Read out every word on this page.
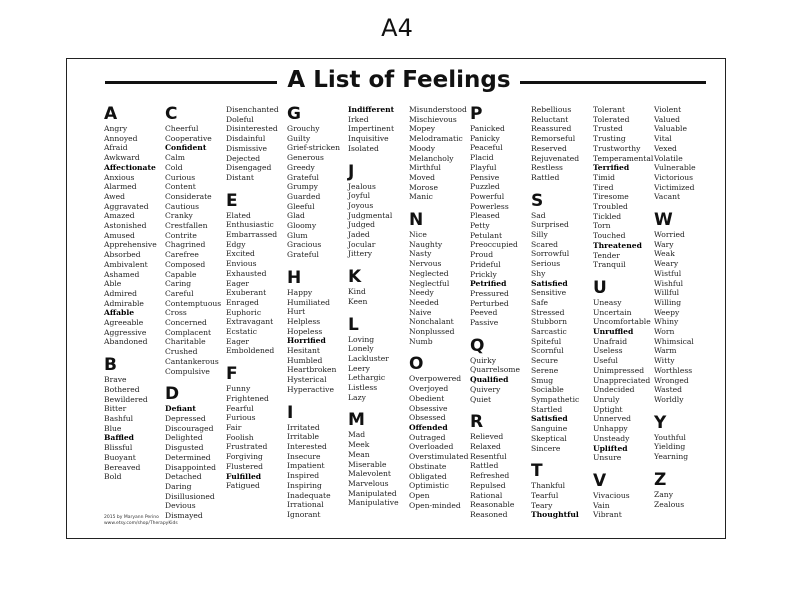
A4
A List of Feelings
A
Angry
Annoyed
Afraid
Awkward
Affectionate
Anxious
Alarmed
Awed
Aggravated
Amazed
Astonished
Amused
Apprehensive
Absorbed
Ambivalent
Ashamed
Able
Admired
Admirable
Affable
Agreeable
Aggressive
Abandoned
B
Brave
Bothered
Bewildered
Bitter
Bashful
Blue
Baffled
Blissful
Buoyant
Bereaved
Bold
C
Cheerful
Cooperative
Confident
Calm
Cold
Curious
Content
Considerate
Cautious
Cranky
Crestfallen
Contrite
Chagrined
Carefree
Composed
Capable
Caring
Careful
Contemptuous
Cross
Concerned
Complacent
Charitable
Crushed
Cantankerous
Compulsive
D
Defiant
Depressed
Discouraged
Delighted
Disgusted
Determined
Disappointed
Detached
Daring
Disillusioned
Devious
Dismayed
Disenchanted
Doleful
Disinterested
Disdainful
Dismissive
Dejected
Disengaged
Distant
E
Elated
Enthusiastic
Embarrassed
Edgy
Excited
Envious
Exhausted
Eager
Exuberant
Enraged
Euphoric
Extravagant
Ecstatic
Eager
Emboldened
F
Funny
Frightened
Fearful
Furious
Fair
Foolish
Frustrated
Forgiving
Flustered
Fulfilled
Fatigued
G
Grouchy
Guilty
Grief-stricken
Generous
Greedy
Grateful
Grumpy
Guarded
Gleeful
Glad
Gloomy
Glum
Gracious
Grateful
H
Happy
Humiliated
Hurt
Helpless
Hopeless
Horrified
Hesitant
Humbled
Heartbroken
Hysterical
Hyperactive
I
Irritated
Irritable
Interested
Insecure
Impatient
Inspired
Inspiring
Inadequate
Irrational
Ignorant
Indifferent
Irked
Impertinent
Inquisitive
Isolated
J
Jealous
Joyful
Joyous
Judgmental
Judged
Jaded
Jocular
Jittery
K
Kind
Keen
L
Loving
Lonely
Lackluster
Leery
Lethargic
Listless
Lazy
M
Mad
Meek
Mean
Miserable
Malevolent
Marvelous
Manipulated
Manipulative
Misunderstood
Mischievous
Mopey
Melodramatic
Moody
Melancholy
Mirthful
Moved
Morose
Manic
N
Nice
Naughty
Nasty
Nervous
Neglected
Neglectful
Needy
Needed
Naive
Nonchalant
Nonplussed
Numb
O
Overpowered
Overjoyed
Obedient
Obsessive
Obsessed
Offended
Outraged
Overloaded
Overstimulated
Obstinate
Obligated
Optimistic
Open
Open-minded
P
Panicked
Panicky
Peaceful
Placid
Playful
Pensive
Puzzled
Powerful
Powerless
Pleased
Petty
Petulant
Preoccupied
Proud
Prideful
Prickly
Petrified
Pressured
Perturbed
Peeved
Passive
Q
Quirky
Quarrelsome
Qualified
Quivery
Quiet
R
Relieved
Relaxed
Resentful
Rattled
Refreshed
Repulsed
Rational
Reasonable
Reasoned
Rebellious
Reluctant
Reassured
Remorseful
Reserved
Rejuvenated
Restless
Rattled
S
Sad
Surprised
Silly
Scared
Sorrowful
Serious
Shy
Satisfied
Sensitive
Safe
Stressed
Stubborn
Sarcastic
Spiteful
Scornful
Secure
Serene
Smug
Sociable
Sympathetic
Startled
Satisfied
Sanguine
Skeptical
Sincere
T
Thankful
Tearful
Teary
Thoughtful
Tolerant
Tolerated
Trusted
Trusting
Trustworthy
Temperamental
Terrified
Timid
Tired
Tiresome
Troubled
Tickled
Torn
Touched
Threatened
Tender
Tranquil
U
Uneasy
Uncertain
Uncomfortable
Unruffled
Unafraid
Useless
Useful
Unimpressed
Unappreciated
Undecided
Unruly
Uptight
Unnerved
Unhappy
Unsteady
Uplifted
Unsure
V
Vivacious
Vain
Vibrant
Violent
Valued
Valuable
Vital
Vexed
Volatile
Vulnerable
Victorious
Victimized
Vacant
W
Worried
Wary
Weak
Weary
Wistful
Wishful
Willful
Willing
Weepy
Whiny
Worn
Whimsical
Warm
Witty
Worthless
Wronged
Wasted
Worldly
Y
Youthful
Yielding
Yearning
Z
Zany
Zealous
2015 by Maryann Perino
www.etsy.com/shop/TherapyKids
